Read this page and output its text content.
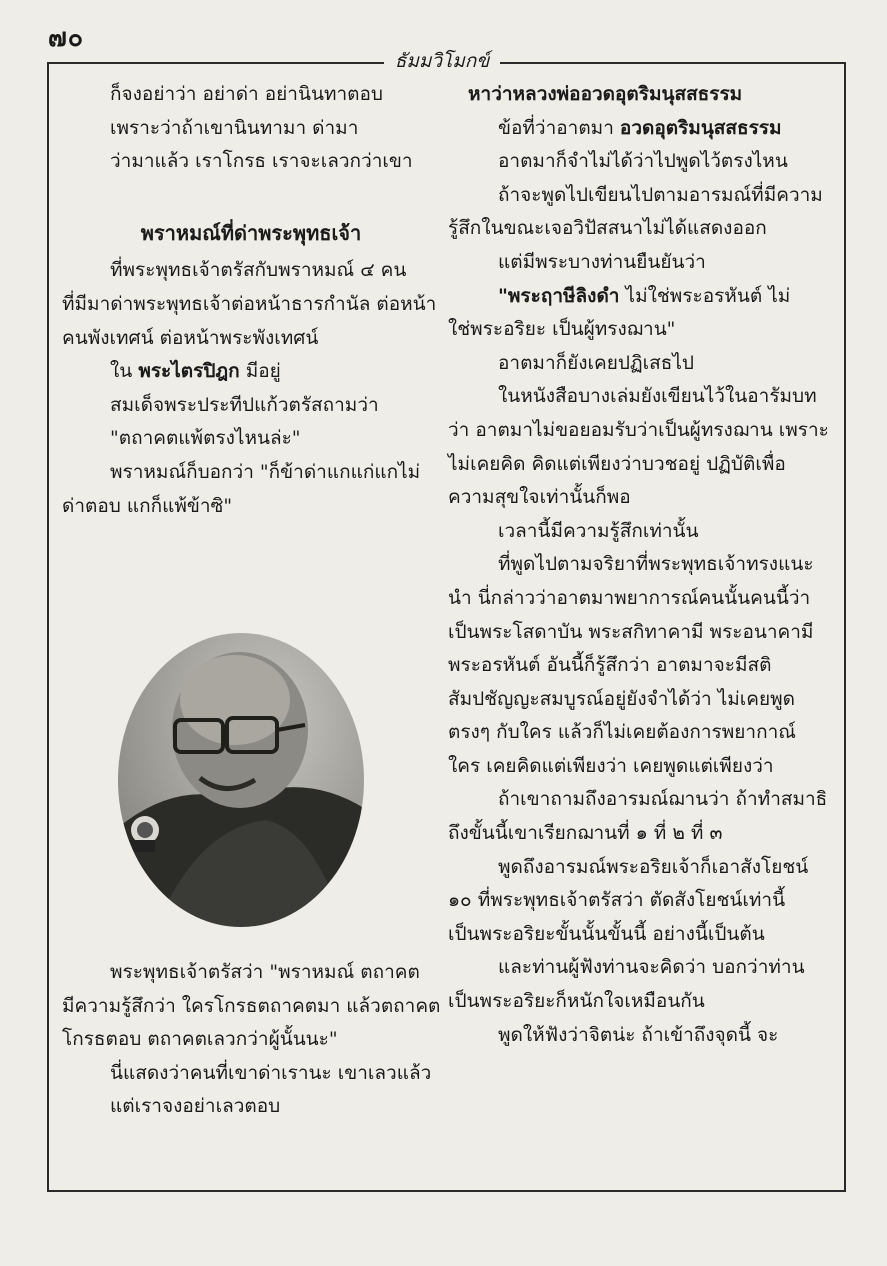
๗๐
ธัมมวิโมกข์

ก็จงอย่าว่า อย่าด่า อย่านินทาตอบ

เพราะว่าถ้าเขานินทามา ด่ามา

ว่ามาแล้ว เราโกรธ เราจะเลวกว่าเขา

พราหมณ์ที่ด่าพระพุทธเจ้า

ที่พระพุทธเจ้าตรัสกับพราหมณ์ ๔ คน

ที่มีมาด่าพระพุทธเจ้าต่อหน้าธารกำนัล ต่อหน้า

คนพังเทศน์ ต่อหน้าพระพังเทศน์

ใน พระไตรปิฎก มีอยู่

สมเด็จพระประทีปแก้วตรัสถามว่า

"ตถาคตแพ้ตรงไหนล่ะ"

พราหมณ์ก็บอกว่า "ก็ข้าด่าแกแก่แกไม่

ด่าตอบ แกก็แพ้ข้าซิ"

พระพุทธเจ้าตรัสว่า "พราหมณ์ ตถาคต

มีความรู้สึกว่า ใครโกรธตถาคตมา แล้วตถาคต

โกรธตอบ ตถาคตเลวกว่าผู้นั้นนะ"

นี่แสดงว่าคนที่เขาด่าเรานะ เขาเลวแล้ว

แต่เราจงอย่าเลวตอบ

หาว่าหลวงพ่ออวดอุตริมนุสสธรรม

ข้อที่ว่าอาตมา อวดอุตริมนุสสธรรม

อาตมาก็จำไม่ได้ว่าไปพูดไว้ตรงไหน

ถ้าจะพูดไปเขียนไปตามอารมณ์ที่มีความ

รู้สึกในขณะเจอวิปัสสนาไม่ได้แสดงออก

แต่มีพระบางท่านยืนยันว่า

"พระฤาษีลิงดำ ไม่ใช่พระอรหันต์ ไม่

ใช่พระอริยะ เป็นผู้ทรงฌาน"

อาตมาก็ยังเคยปฏิเสธไป

ในหนังสือบางเล่มยังเขียนไว้ในอารัมบท

ว่า อาตมาไม่ขอยอมรับว่าเป็นผู้ทรงฌาน เพราะ

ไม่เคยคิด คิดแต่เพียงว่าบวชอยู่ ปฏิบัติเพื่อ

ความสุขใจเท่านั้นก็พอ

เวลานี้มีความรู้สึกเท่านั้น

ที่พูดไปตามจริยาที่พระพุทธเจ้าทรงแนะ

นำ นี่กล่าวว่าอาตมาพยาการณ์คนนั้นคนนี้ว่า

เป็นพระโสดาบัน พระสกิทาคามี พระอนาคามี

พระอรหันต์ อันนี้ก็รู้สึกว่า อาตมาจะมีสติ

สัมปชัญญะสมบูรณ์อยู่ยังจำได้ว่า ไม่เคยพูด

ตรงๆ กับใคร แล้วก็ไม่เคยต้องการพยากาณ์

ใคร เคยคิดแต่เพียงว่า เคยพูดแต่เพียงว่า

ถ้าเขาถามถึงอารมณ์ฌานว่า ถ้าทำสมาธิ

ถึงขั้นนี้เขาเรียกฌานที่ ๑ ที่ ๒ ที่ ๓

พูดถึงอารมณ์พระอริยเจ้าก็เอาสังโยชน์

๑๐ ที่พระพุทธเจ้าตรัสว่า ตัดสังโยชน์เท่านี้

เป็นพระอริยะขั้นนั้นขั้นนี้ อย่างนี้เป็นต้น

และท่านผู้ฟังท่านจะคิดว่า บอกว่าท่าน

เป็นพระอริยะก็หนักใจเหมือนกัน

พูดให้ฟังว่าจิตน่ะ ถ้าเข้าถึงจุดนี้ จะ
